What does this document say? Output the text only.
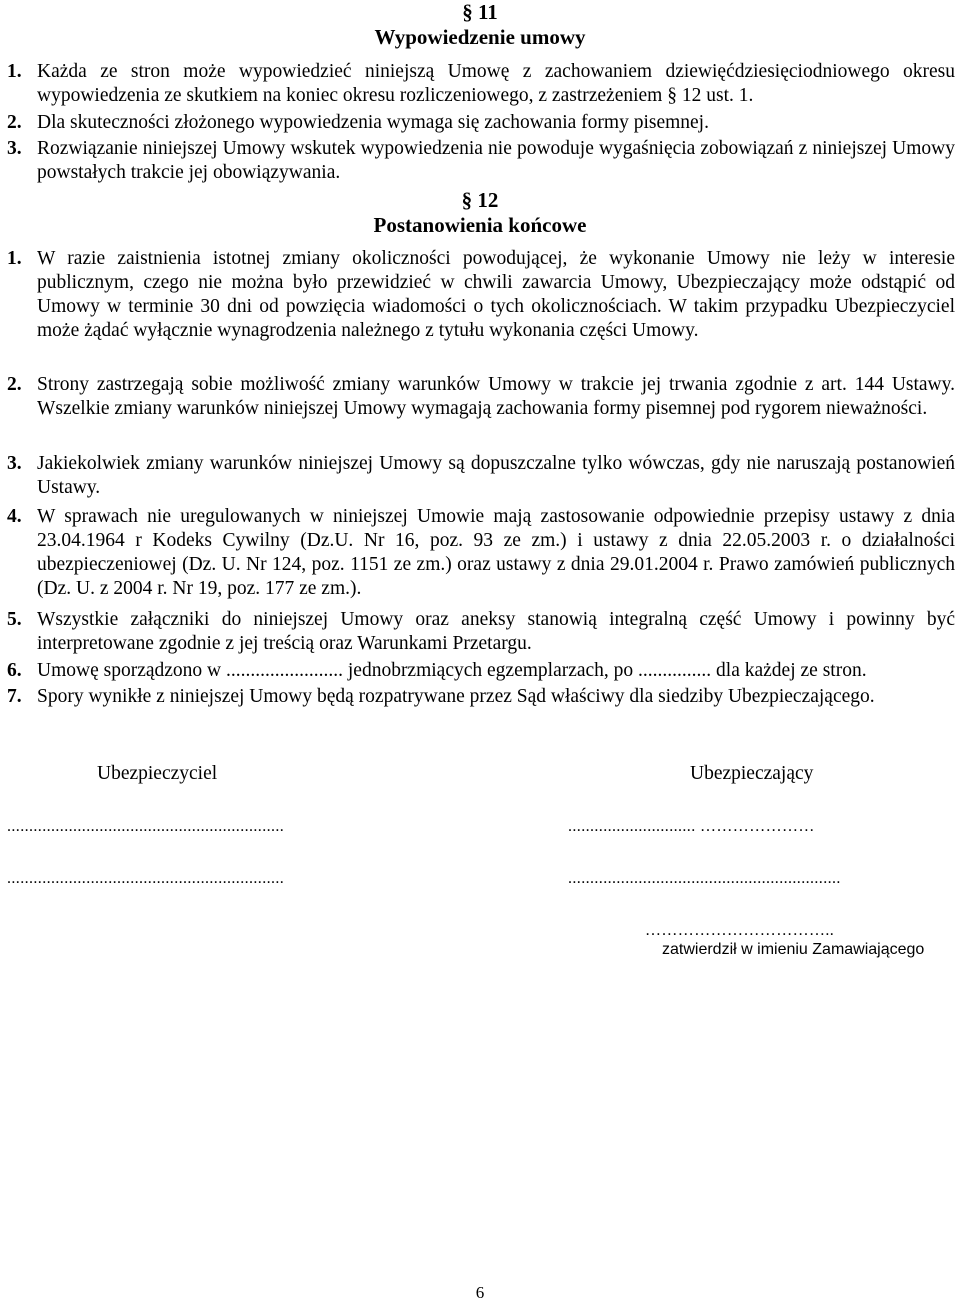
§ 11
Wypowiedzenie umowy
1. Każda ze stron może wypowiedzieć niniejszą Umowę z zachowaniem dziewięćdziesięciodniowego okresu wypowiedzenia ze skutkiem na koniec okresu rozliczeniowego, z zastrzeżeniem § 12 ust. 1.
2. Dla skuteczności złożonego wypowiedzenia wymaga się zachowania formy pisemnej.
3. Rozwiązanie niniejszej Umowy wskutek wypowiedzenia nie powoduje wygaśnięcia zobowiązań z niniejszej Umowy powstałych trakcie jej obowiązywania.
§ 12
Postanowienia końcowe
1. W razie zaistnienia istotnej zmiany okoliczności powodującej, że wykonanie Umowy nie leży w interesie publicznym, czego nie można było przewidzieć w chwili zawarcia Umowy, Ubezpieczający może odstąpić od Umowy w terminie 30 dni od powzięcia wiadomości o tych okolicznościach. W takim przypadku Ubezpieczyciel może żądać wyłącznie wynagrodzenia należnego z tytułu wykonania części Umowy.
2. Strony zastrzegają sobie możliwość zmiany warunków Umowy w trakcie jej trwania zgodnie z art. 144 Ustawy. Wszelkie zmiany warunków niniejszej Umowy wymagają zachowania formy pisemnej pod rygorem nieważności.
3. Jakiekolwiek zmiany warunków niniejszej Umowy są dopuszczalne tylko wówczas, gdy nie naruszają postanowień Ustawy.
4. W sprawach nie uregulowanych w niniejszej Umowie mają zastosowanie odpowiednie przepisy ustawy z dnia 23.04.1964 r Kodeks Cywilny (Dz.U. Nr 16, poz. 93 ze zm.) i ustawy z dnia 22.05.2003 r. o działalności ubezpieczeniowej (Dz. U. Nr 124, poz. 1151 ze zm.) oraz ustawy z dnia 29.01.2004 r. Prawo zamówień publicznych (Dz. U. z 2004 r. Nr 19, poz. 177 ze zm.).
5. Wszystkie załączniki do niniejszej Umowy oraz aneksy stanowią integralną część Umowy i powinny być interpretowane zgodnie z jej treścią oraz Warunkami Przetargu.
6. Umowę sporządzono w ........................ jednobrzmiących egzemplarzach, po ............... dla każdej ze stron.
7. Spory wynikłe z niniejszej Umowy będą rozpatrywane przez Sąd właściwy dla siedziby Ubezpieczającego.
Ubezpieczyciel	Ubezpieczający
...............................................................	............................. …………………
...............................................................	..............................................................
……………………………..
zatwierdził w imieniu Zamawiającego
6
